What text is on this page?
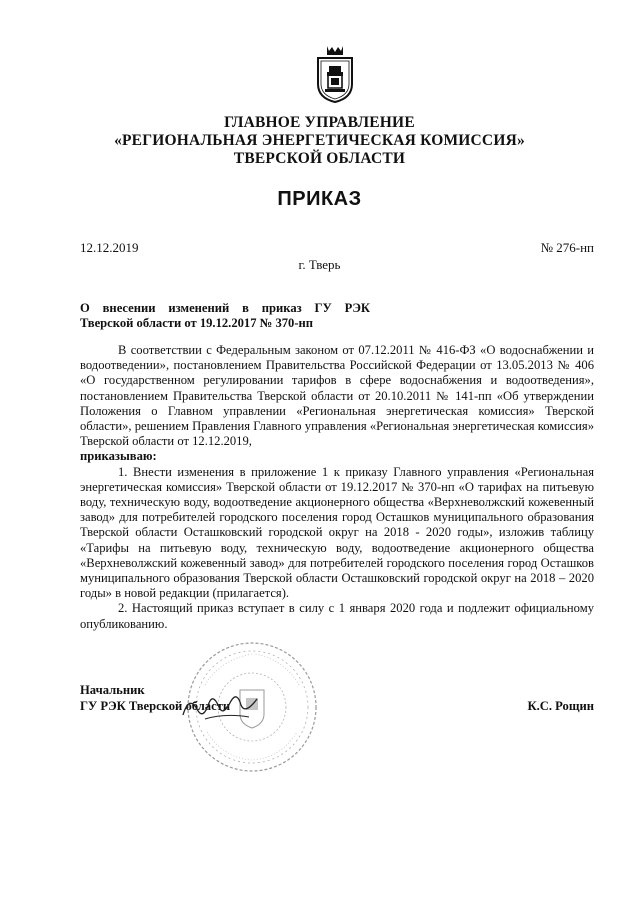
ГЛАВНОЕ УПРАВЛЕНИЕ
«РЕГИОНАЛЬНАЯ ЭНЕРГЕТИЧЕСКАЯ КОМИССИЯ»
ТВЕРСКОЙ ОБЛАСТИ
ПРИКАЗ
12.12.2019	№ 276-нп
г. Тверь
О внесении изменений в приказ ГУ РЭК
Тверской области от 19.12.2017 № 370-нп

В соответствии с Федеральным законом от 07.12.2011 № 416-ФЗ «О водоснабжении и водоотведении», постановлением Правительства Российской Федерации от 13.05.2013 № 406 «О государственном регулировании тарифов в сфере водоснабжения и водоотведения», постановлением Правительства Тверской области от 20.10.2011 № 141-пп «Об утверждении Положения о Главном управлении «Региональная энергетическая комиссия» Тверской области», решением Правления Главного управления «Региональная энергетическая комиссия» Тверской области от 12.12.2019,

приказываю:

1. Внести изменения в приложение 1 к приказу Главного управления «Региональная энергетическая комиссия» Тверской области от 19.12.2017 № 370-нп «О тарифах на питьевую воду, техническую воду, водоотведение акционерного общества «Верхневолжский кожевенный завод» для потребителей городского поселения город Осташков муниципального образования Тверской области Осташковский городской округ на 2018 - 2020 годы», изложив таблицу «Тарифы на питьевую воду, техническую воду, водоотведение акционерного общества «Верхневолжский кожевенный завод» для потребителей городского поселения город Осташков муниципального образования Тверской области Осташковский городской округ на 2018 – 2020 годы» в новой редакции (прилагается).

2. Настоящий приказ вступает в силу с 1 января 2020 года и подлежит официальному опубликованию.

Начальник
ГУ РЭК Тверской области	К.С. Рощин
